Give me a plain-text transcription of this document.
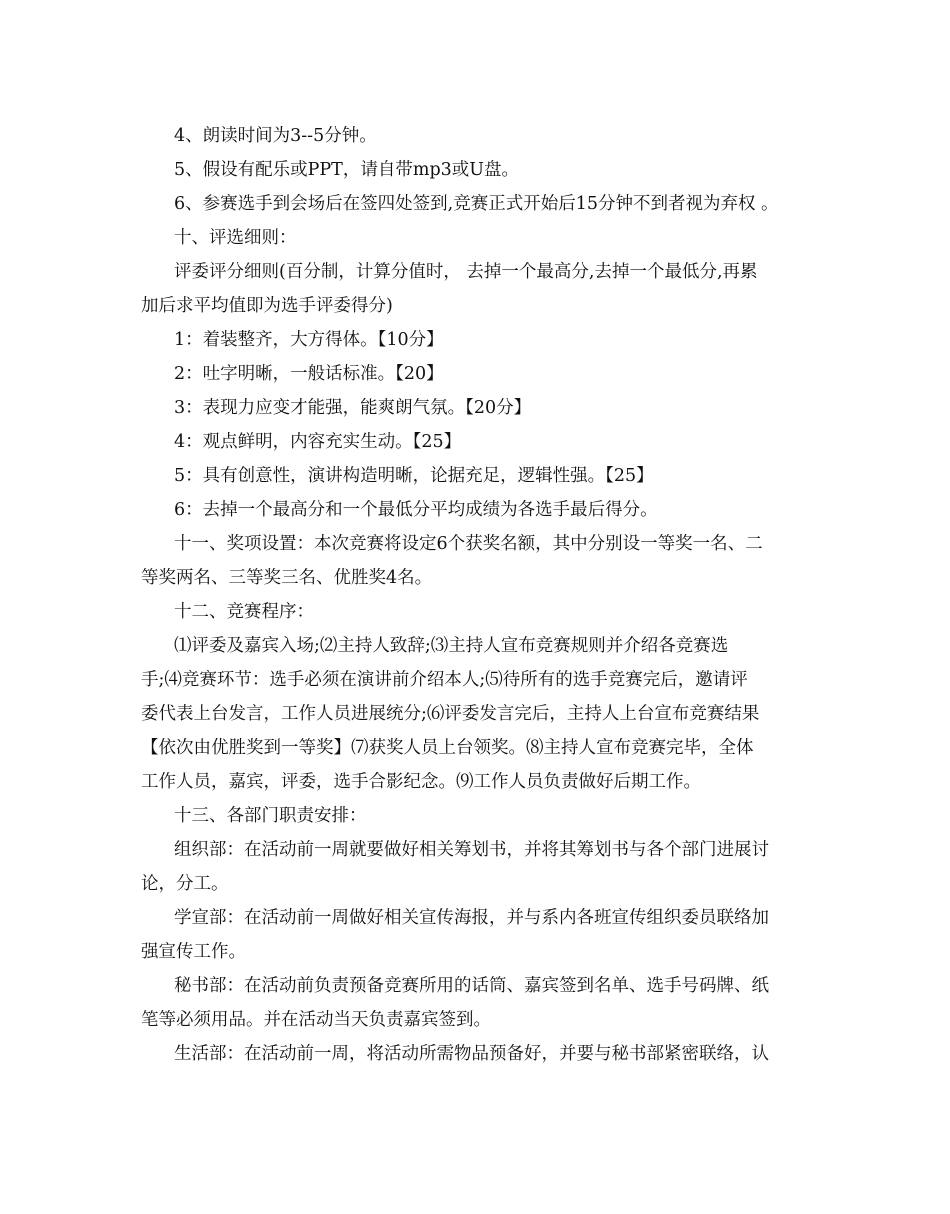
4、朗读时间为3--5分钟。
5、假设有配乐或PPT，请自带mp3或U盘。
6、参赛选手到会场后在签四处签到,竞赛正式开始后15分钟不到者视为弃权 。
十、评选细则：
评委评分细则(百分制，计算分值时， 去掉一个最高分,去掉一个最低分,再累
加后求平均值即为选手评委得分)
1：着装整齐，大方得体。【10分】
2：吐字明晰，一般话标准。【20】
3：表现力应变才能强，能爽朗气氛。【20分】
4：观点鲜明，内容充实生动。【25】
5：具有创意性，演讲构造明晰，论据充足，逻辑性强。【25】
6：去掉一个最高分和一个最低分平均成绩为各选手最后得分。
十一、奖项设置：本次竞赛将设定6个获奖名额，其中分别设一等奖一名、二
等奖两名、三等奖三名、优胜奖4名。
十二、竞赛程序：
⑴评委及嘉宾入场;⑵主持人致辞;⑶主持人宣布竞赛规则并介绍各竞赛选
手;⑷竞赛环节：选手必须在演讲前介绍本人;⑸待所有的选手竞赛完后，邀请评
委代表上台发言，工作人员进展统分;⑹评委发言完后，主持人上台宣布竞赛结果
【依次由优胜奖到一等奖】⑺获奖人员上台领奖。⑻主持人宣布竞赛完毕，全体
工作人员，嘉宾，评委，选手合影纪念。⑼工作人员负责做好后期工作。
十三、各部门职责安排：
组织部：在活动前一周就要做好相关筹划书，并将其筹划书与各个部门进展讨
论，分工。
学宣部：在活动前一周做好相关宣传海报，并与系内各班宣传组织委员联络加
强宣传工作。
秘书部：在活动前负责预备竞赛所用的话筒、嘉宾签到名单、选手号码牌、纸
笔等必须用品。并在活动当天负责嘉宾签到。
生活部：在活动前一周，将活动所需物品预备好，并要与秘书部紧密联络，认
